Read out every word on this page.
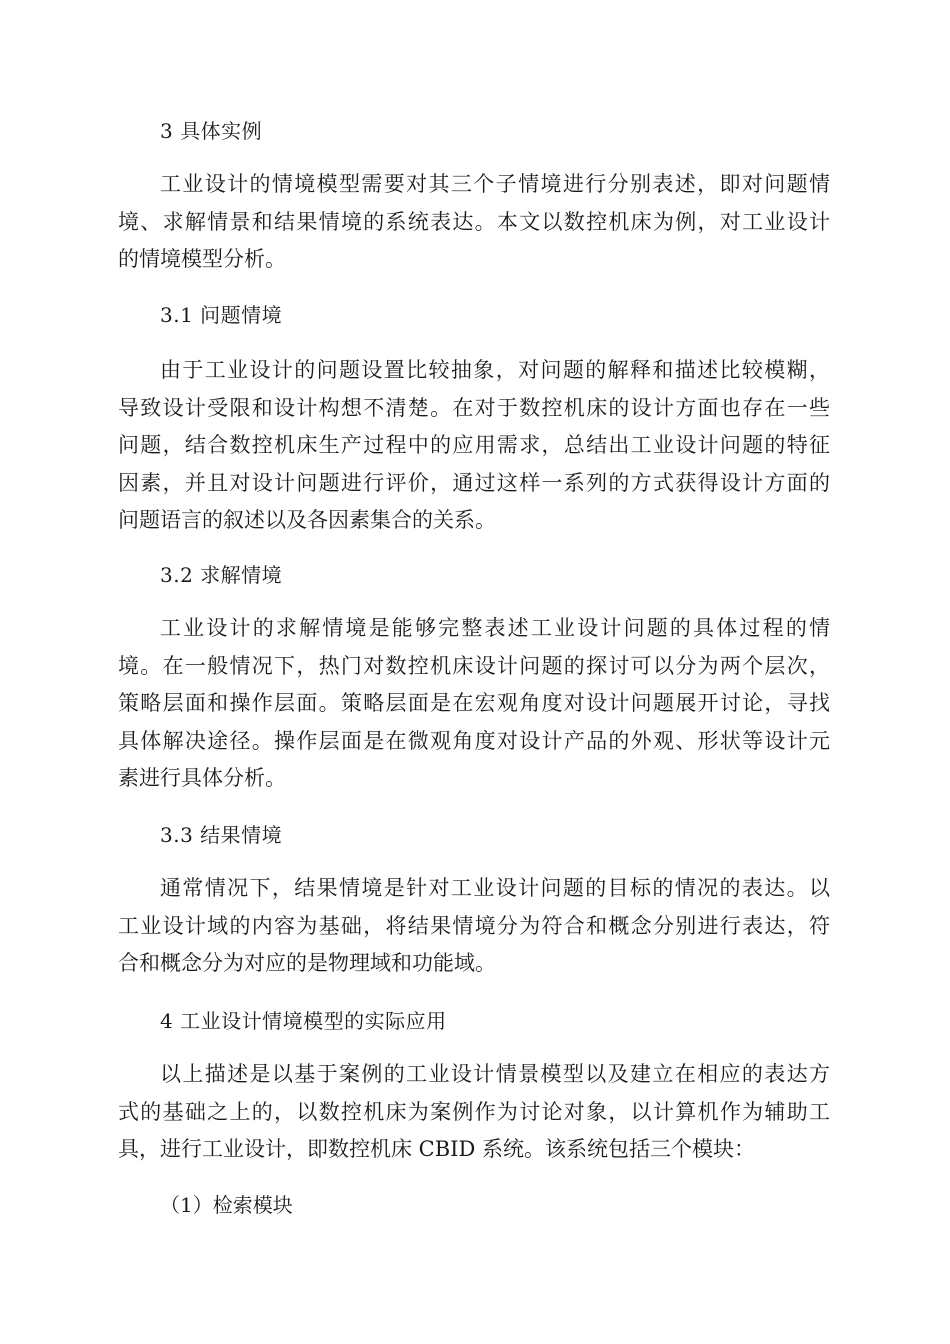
3 具体实例
工业设计的情境模型需要对其三个子情境进行分别表述，即对问题情
境、求解情景和结果情境的系统表达。本文以数控机床为例，对工业设计
的情境模型分析。
3.1 问题情境
由于工业设计的问题设置比较抽象，对问题的解释和描述比较模糊，
导致设计受限和设计构想不清楚。在对于数控机床的设计方面也存在一些
问题，结合数控机床生产过程中的应用需求，总结出工业设计问题的特征
因素，并且对设计问题进行评价，通过这样一系列的方式获得设计方面的
问题语言的叙述以及各因素集合的关系。
3.2 求解情境
工业设计的求解情境是能够完整表述工业设计问题的具体过程的情
境。在一般情况下，热门对数控机床设计问题的探讨可以分为两个层次，
策略层面和操作层面。策略层面是在宏观角度对设计问题展开讨论，寻找
具体解决途径。操作层面是在微观角度对设计产品的外观、形状等设计元
素进行具体分析。
3.3 结果情境
通常情况下，结果情境是针对工业设计问题的目标的情况的表达。以
工业设计域的内容为基础，将结果情境分为符合和概念分别进行表达，符
合和概念分为对应的是物理域和功能域。
4 工业设计情境模型的实际应用
以上描述是以基于案例的工业设计情景模型以及建立在相应的表达方
式的基础之上的，以数控机床为案例作为讨论对象，以计算机作为辅助工
具，进行工业设计，即数控机床 CBID 系统。该系统包括三个模块：
（1）检索模块
